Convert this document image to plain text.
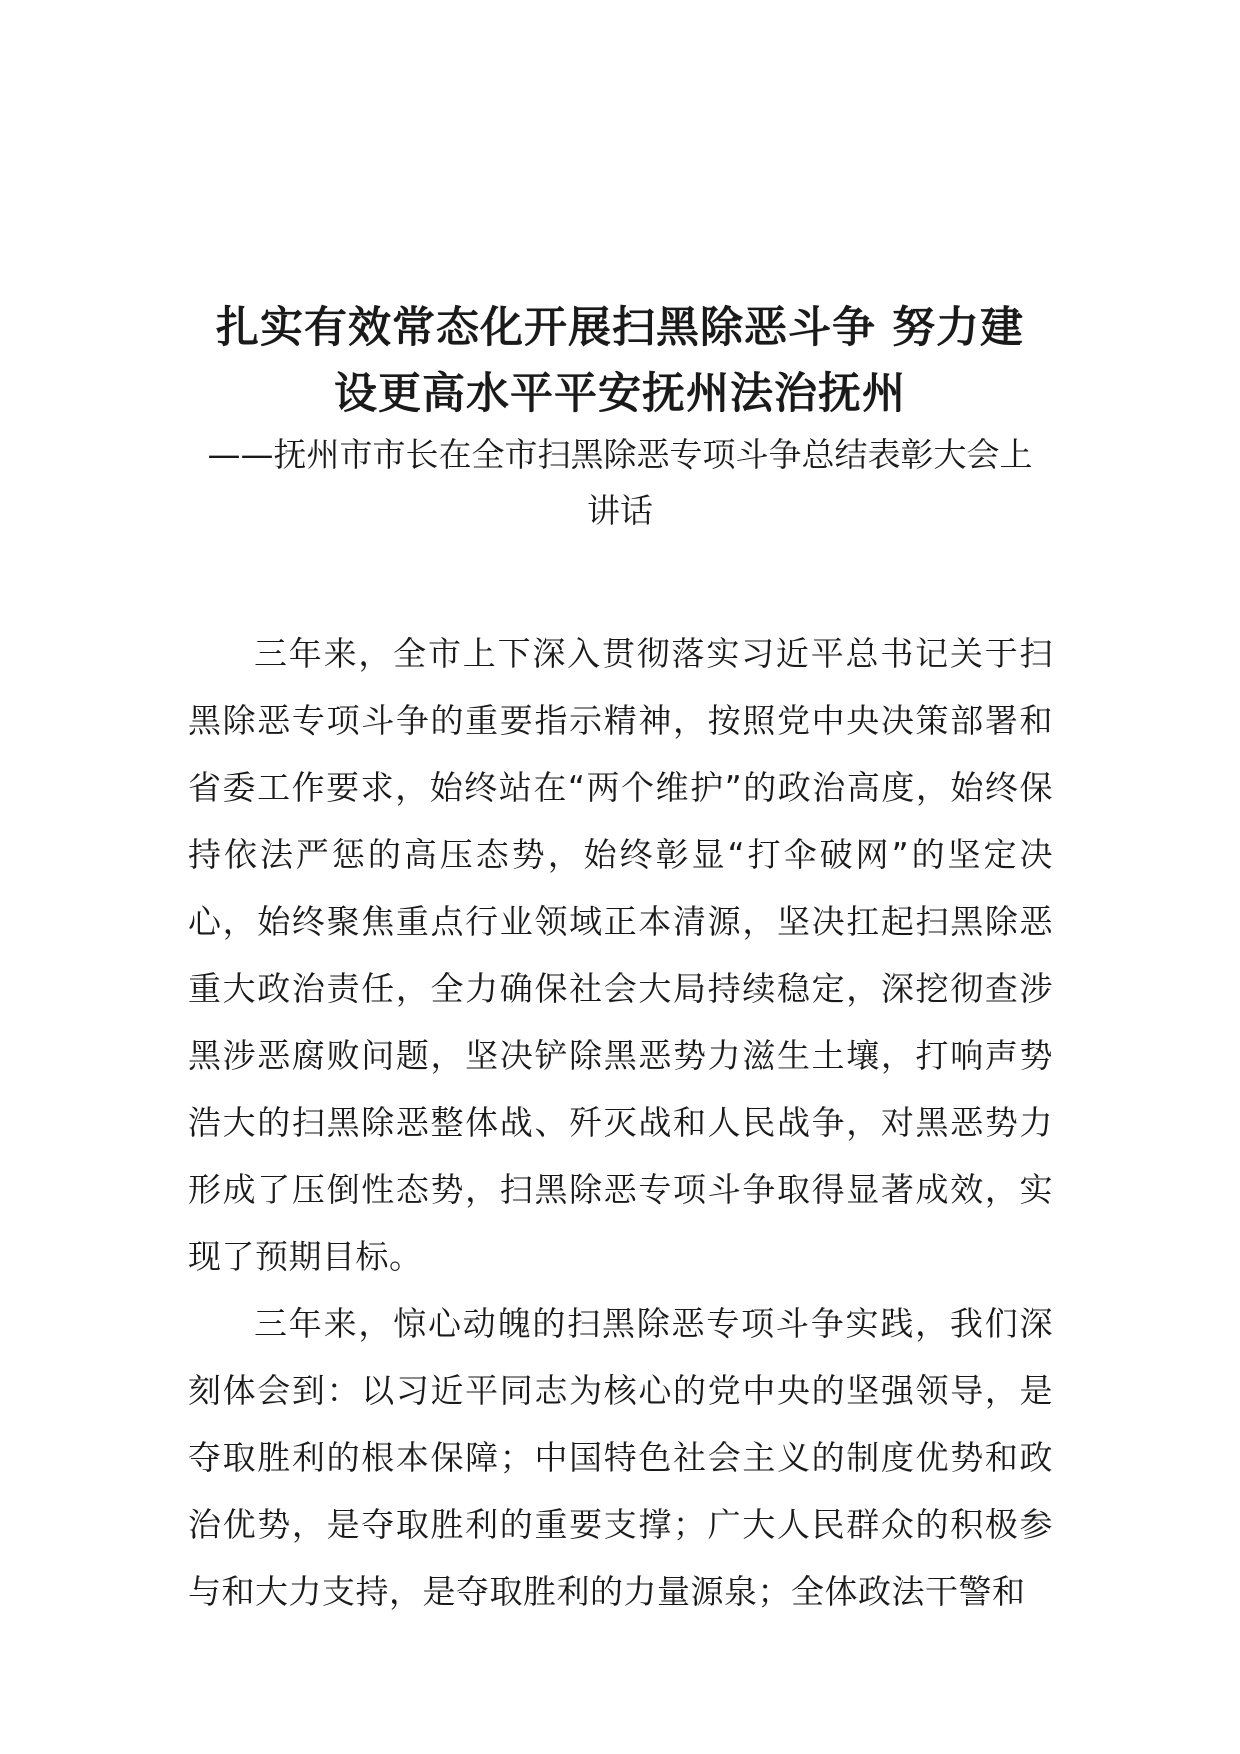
扎实有效常态化开展扫黑除恶斗争 努力建

设更高水平平安抚州法治抚州

——抚州市市长在全市扫黑除恶专项斗争总结表彰大会上

讲话

三年来，全市上下深入贯彻落实习近平总书记关于扫黑除恶专项斗争的重要指示精神，按照党中央决策部署和省委工作要求，始终站在“两个维护”的政治高度，始终保持依法严惩的高压态势，始终彰显“打伞破网”的坚定决心，始终聚焦重点行业领域正本清源，坚决扛起扫黑除恶重大政治责任，全力确保社会大局持续稳定，深挖彻查涉黑涉恶腐败问题，坚决铲除黑恶势力滋生土壤，打响声势浩大的扫黑除恶整体战、歼灭战和人民战争，对黑恶势力形成了压倒性态势，扫黑除恶专项斗争取得显著成效，实现了预期目标。

三年来，惊心动魄的扫黑除恶专项斗争实践，我们深刻体会到：以习近平同志为核心的党中央的坚强领导，是夺取胜利的根本保障；中国特色社会主义的制度优势和政治优势，是夺取胜利的重要支撑；广大人民群众的积极参与和大力支持，是夺取胜利的力量源泉；全体政法干警和
